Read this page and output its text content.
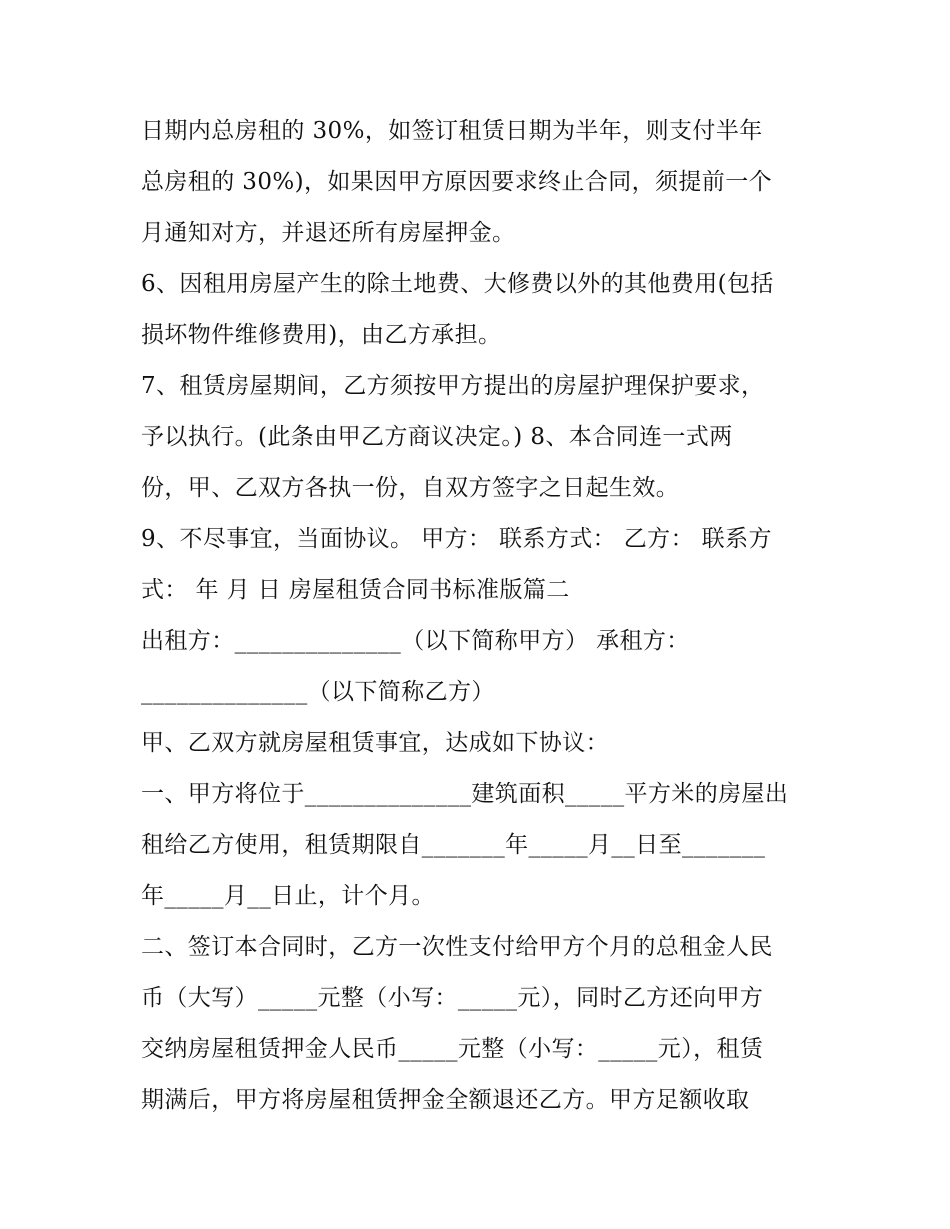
日期内总房租的 30%，如签订租赁日期为半年，则支付半年
总房租的 30%)，如果因甲方原因要求终止合同，须提前一个
月通知对方，并退还所有房屋押金。
6、因租用房屋产生的除土地费、大修费以外的其他费用(包括
损坏物件维修费用)，由乙方承担。
7、租赁房屋期间，乙方须按甲方提出的房屋护理保护要求，
予以执行。(此条由甲乙方商议决定。) 8、本合同连一式两
份，甲、乙双方各执一份，自双方签字之日起生效。
9、不尽事宜，当面协议。 甲方： 联系方式： 乙方： 联系方
式： 年 月 日 房屋租赁合同书标准版篇二
出租方：______________（以下简称甲方） 承租方：
______________（以下简称乙方）
甲、乙双方就房屋租赁事宜，达成如下协议：
一、甲方将位于______________建筑面积_____平方米的房屋出
租给乙方使用，租赁期限自_______年_____月__日至_______
年_____月__日止，计个月。
二、签订本合同时，乙方一次性支付给甲方个月的总租金人民
币（大写）_____元整（小写：_____元），同时乙方还向甲方
交纳房屋租赁押金人民币_____元整（小写：_____元），租赁
期满后，甲方将房屋租赁押金全额退还乙方。甲方足额收取
